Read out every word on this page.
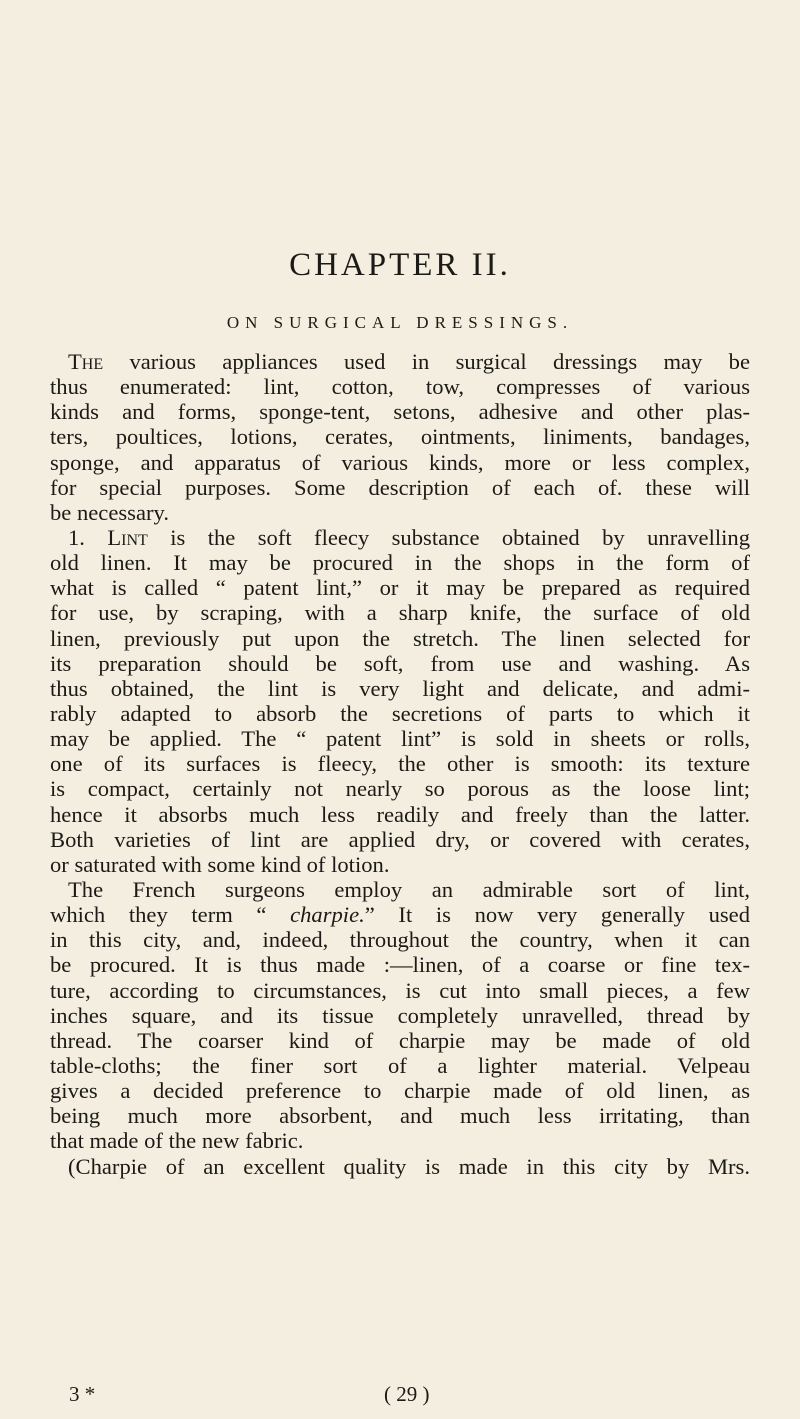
CHAPTER II.
ON SURGICAL DRESSINGS.
The various appliances used in surgical dressings may be
thus enumerated: lint, cotton, tow, compresses of various
kinds and forms, sponge-tent, setons, adhesive and other plas-
ters, poultices, lotions, cerates, ointments, liniments, bandages,
sponge, and apparatus of various kinds, more or less complex,
for special purposes. Some description of each of. these will
be necessary.
1. Lint is the soft fleecy substance obtained by unravelling
old linen. It may be procured in the shops in the form of
what is called “ patent lint,” or it may be prepared as required
for use, by scraping, with a sharp knife, the surface of old
linen, previously put upon the stretch. The linen selected for
its preparation should be soft, from use and washing. As
thus obtained, the lint is very light and delicate, and admi-
rably adapted to absorb the secretions of parts to which it
may be applied. The “ patent lint” is sold in sheets or rolls,
one of its surfaces is fleecy, the other is smooth: its texture
is compact, certainly not nearly so porous as the loose lint;
hence it absorbs much less readily and freely than the latter.
Both varieties of lint are applied dry, or covered with cerates,
or saturated with some kind of lotion.
The French surgeons employ an admirable sort of lint,
which they term “ charpie.” It is now very generally used
in this city, and, indeed, throughout the country, when it can
be procured. It is thus made :—linen, of a coarse or fine tex-
ture, according to circumstances, is cut into small pieces, a few
inches square, and its tissue completely unravelled, thread by
thread. The coarser kind of charpie may be made of old
table-cloths; the finer sort of a lighter material. Velpeau
gives a decided preference to charpie made of old linen, as
being much more absorbent, and much less irritating, than
that made of the new fabric.
(Charpie of an excellent quality is made in this city by Mrs.
3 *	( 29 )
